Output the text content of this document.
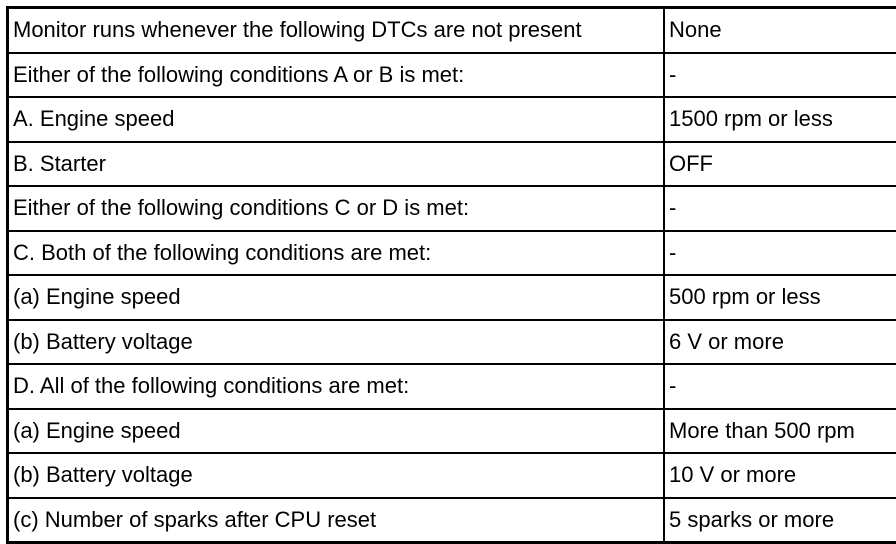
Monitor runs whenever the following DTCs are not present	None
Either of the following conditions A or B is met:	-
A. Engine speed	1500 rpm or less
B. Starter	OFF
Either of the following conditions C or D is met:	-
C. Both of the following conditions are met:	-
(a) Engine speed	500 rpm or less
(b) Battery voltage	6 V or more
D. All of the following conditions are met:	-
(a) Engine speed	More than 500 rpm
(b) Battery voltage	10 V or more
(c) Number of sparks after CPU reset	5 sparks or more
